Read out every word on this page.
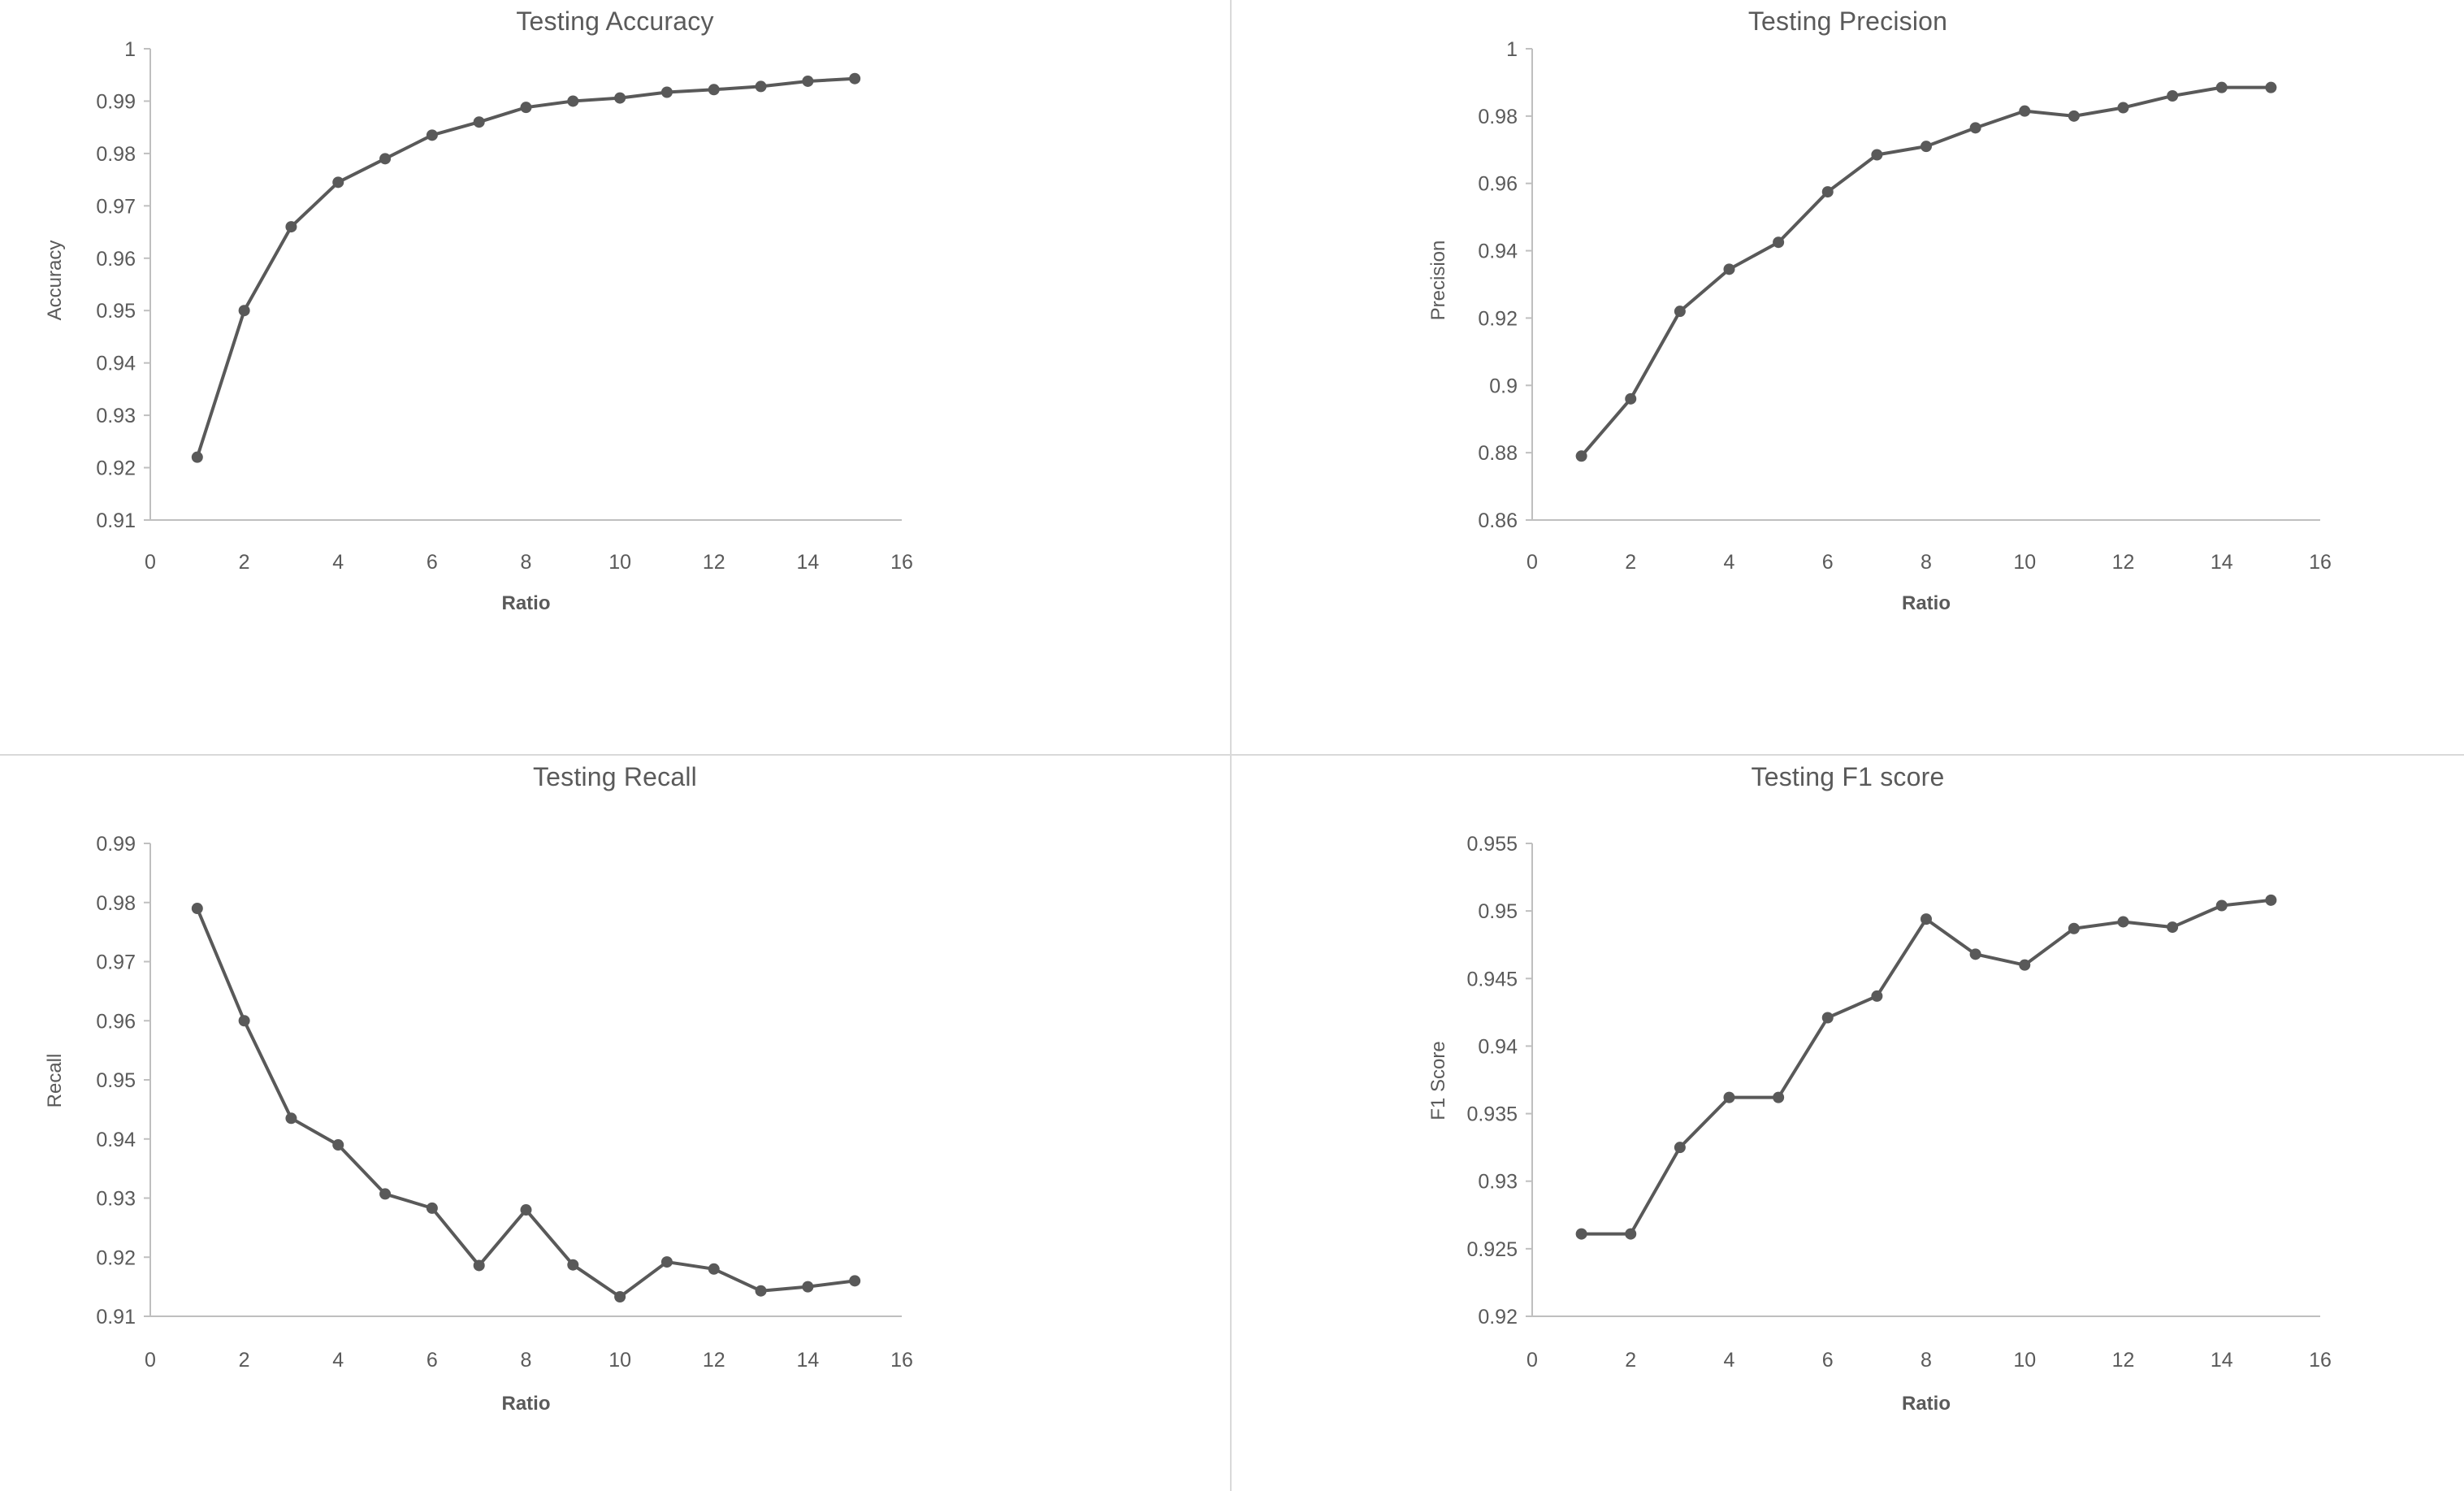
Testing Accuracy
0.91
0.92
0.93
0.94
0.95
0.96
0.97
0.98
0.99
1
0	2	4	6	8	10	12	14	16
Ratio
Accuracy
Testing Precision
0.86
0.88
0.9
0.92
0.94
0.96
0.98
1
0	2	4	6	8	10	12	14	16
Ratio
Precision
Testing Recall
0.91
0.92
0.93
0.94
0.95
0.96
0.97
0.98
0.99
0	2	4	6	8	10	12	14	16
Ratio
Recall
Testing F1 score
0.92
0.925
0.93
0.935
0.94
0.945
0.95
0.955
0	2	4	6	8	10	12	14	16
Ratio
F1 Score
